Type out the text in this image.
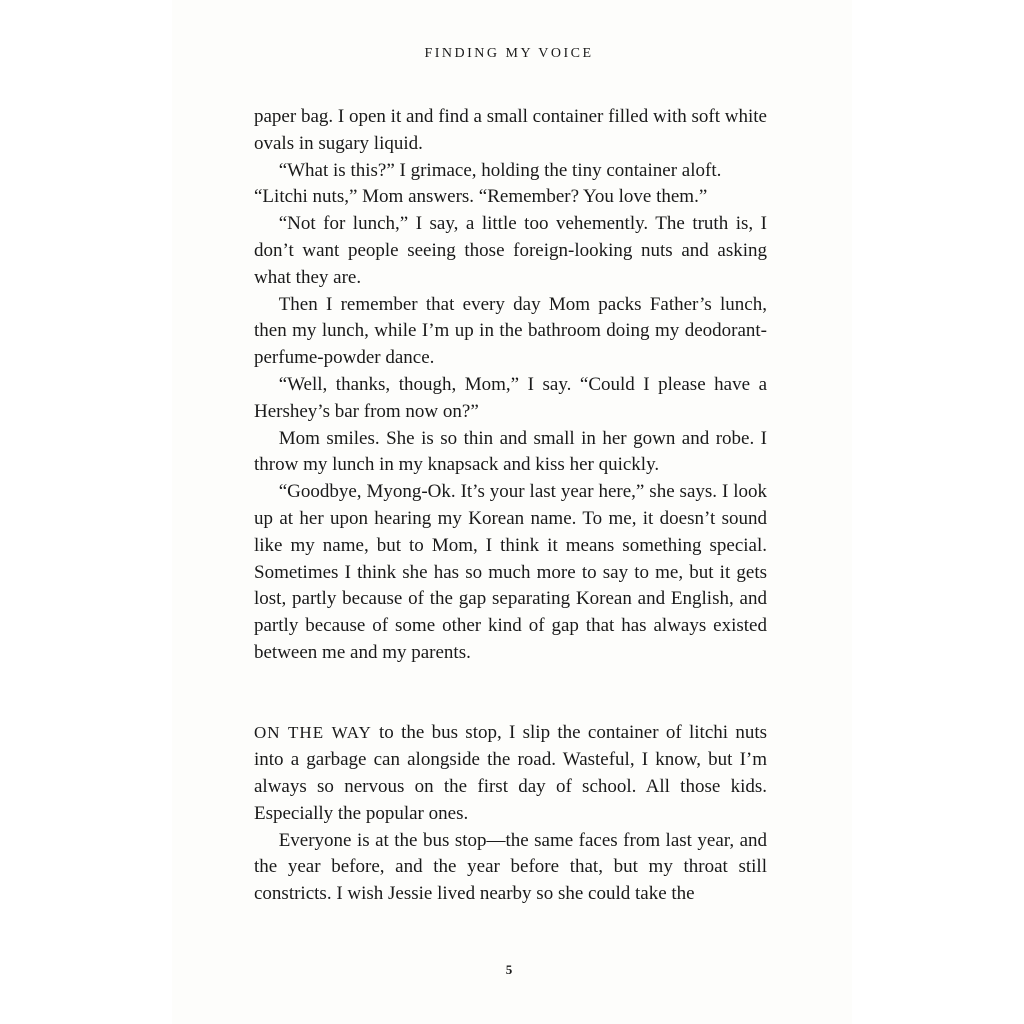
FINDING MY VOICE

paper bag. I open it and find a small container filled with soft white ovals in sugary liquid.

“What is this?” I grimace, holding the tiny container aloft.

“Litchi nuts,” Mom answers. “Remember? You love them.”

“Not for lunch,” I say, a little too vehemently. The truth is, I don’t want people seeing those foreign-looking nuts and asking what they are.

Then I remember that every day Mom packs Father’s lunch, then my lunch, while I’m up in the bathroom doing my deodorant-perfume-powder dance.

“Well, thanks, though, Mom,” I say. “Could I please have a Hershey’s bar from now on?”

Mom smiles. She is so thin and small in her gown and robe. I throw my lunch in my knapsack and kiss her quickly.

“Goodbye, Myong-Ok. It’s your last year here,” she says. I look up at her upon hearing my Korean name. To me, it doesn’t sound like my name, but to Mom, I think it means something special. Sometimes I think she has so much more to say to me, but it gets lost, partly because of the gap separating Korean and English, and partly because of some other kind of gap that has always existed between me and my parents.

ON THE WAY to the bus stop, I slip the container of litchi nuts into a garbage can alongside the road. Wasteful, I know, but I’m always so nervous on the first day of school. All those kids. Especially the popular ones.

Everyone is at the bus stop—the same faces from last year, and the year before, and the year before that, but my throat still constricts. I wish Jessie lived nearby so she could take the

5
